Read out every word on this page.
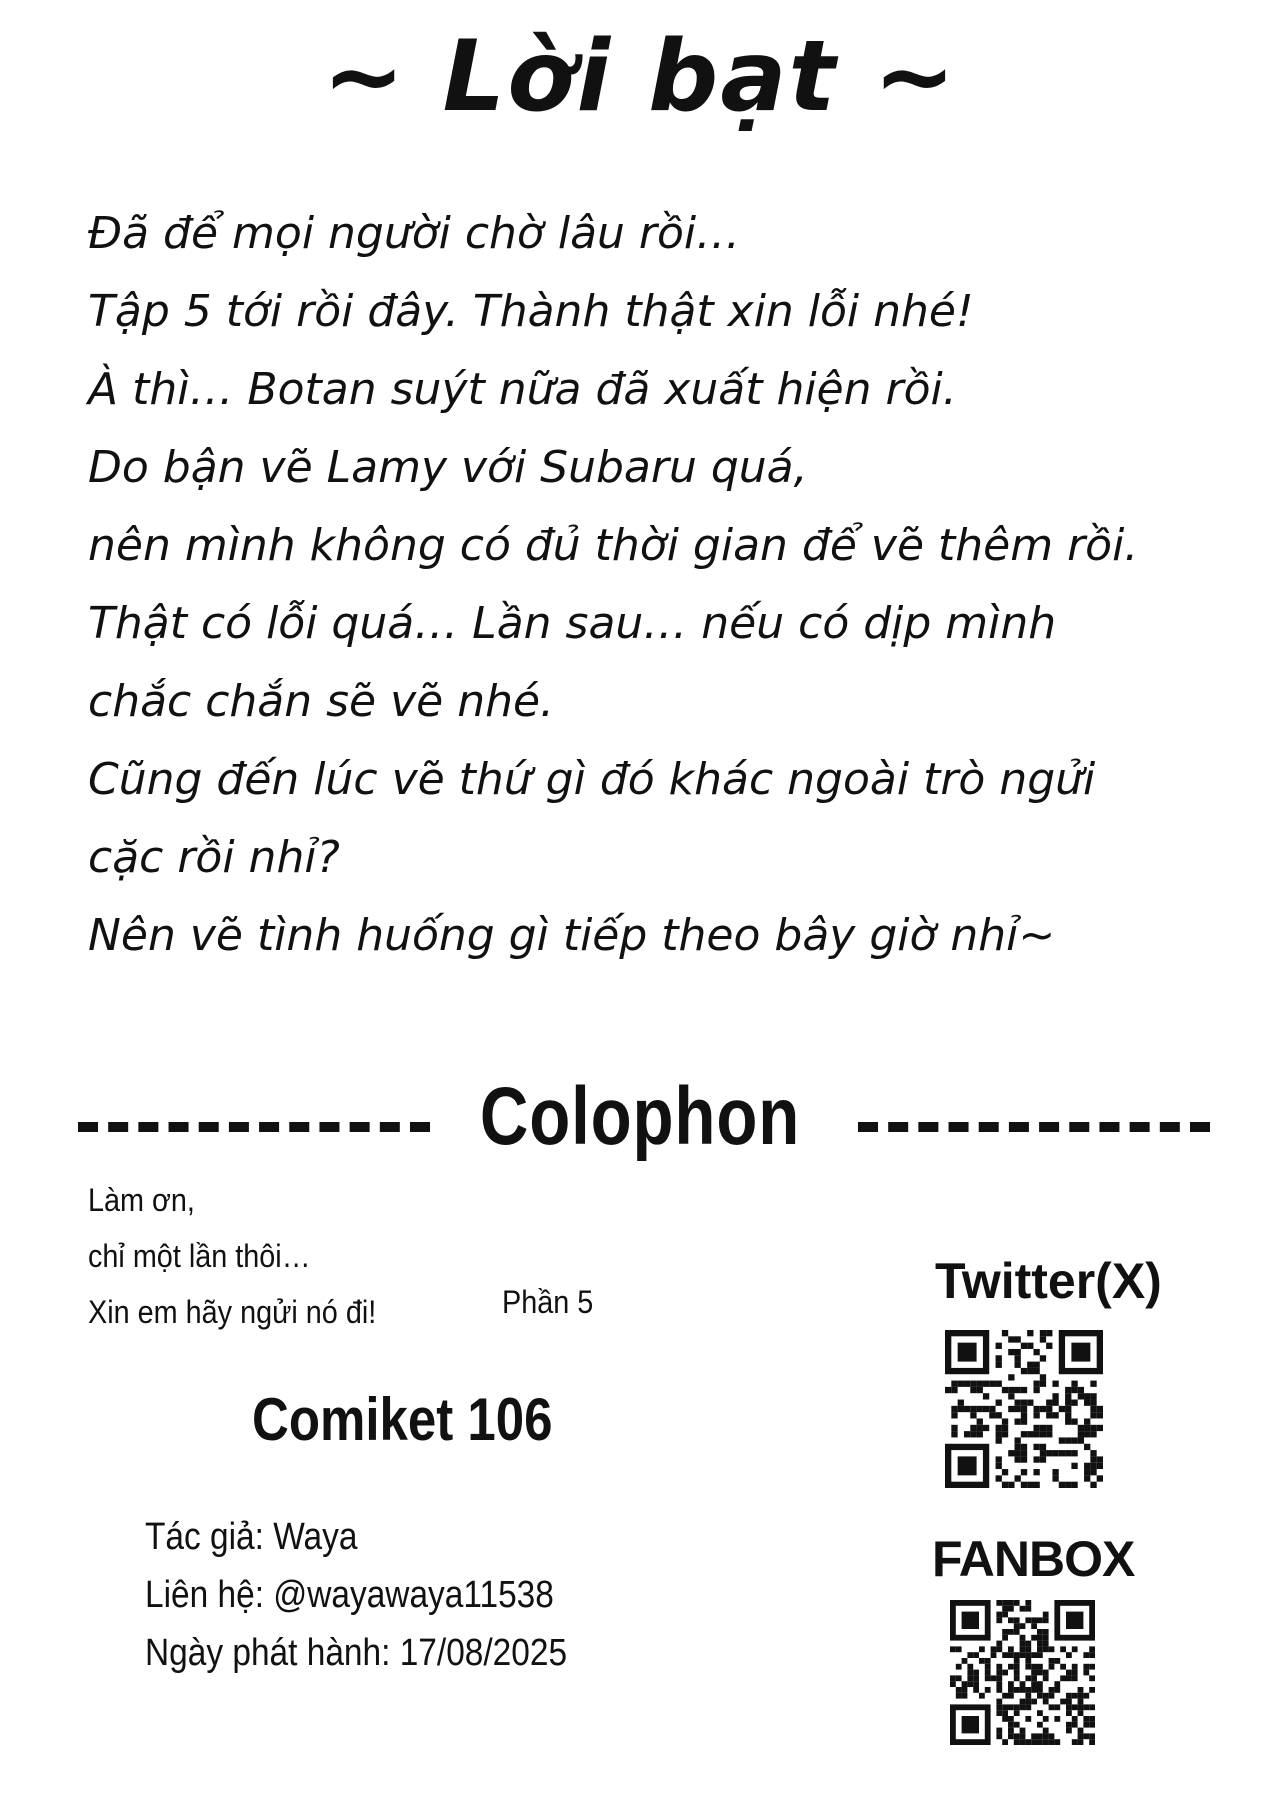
~ Lời bạt ~
Đã để mọi người chờ lâu rồi…
Tập 5 tới rồi đây. Thành thật xin lỗi nhé!
À thì… Botan suýt nữa đã xuất hiện rồi.
Do bận vẽ Lamy với Subaru quá,
nên mình không có đủ thời gian để vẽ thêm rồi.
Thật có lỗi quá… Lần sau… nếu có dịp mình
chắc chắn sẽ vẽ nhé.
Cũng đến lúc vẽ thứ gì đó khác ngoài trò ngửi
cặc rồi nhỉ?
Nên vẽ tình huống gì tiếp theo bây giờ nhỉ~
Colophon
Làm ơn,
chỉ một lần thôi…
Xin em hãy ngửi nó đi!	Phần 5
Comiket 106
Tác giả: Waya
Liên hệ: @wayawaya11538
Ngày phát hành: 17/08/2025
Twitter(X)
FANBOX
